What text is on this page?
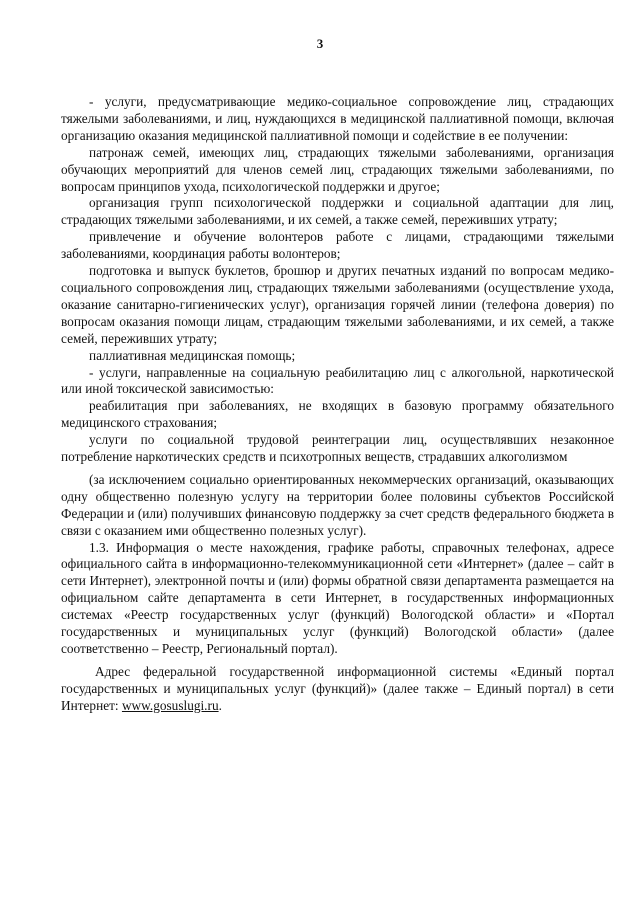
3

- услуги, предусматривающие медико-социальное сопровождение лиц, страдающих тяжелыми заболеваниями, и лиц, нуждающихся в медицинской паллиативной помощи, включая организацию оказания медицинской паллиативной помощи и содействие в ее получении:

патронаж семей, имеющих лиц, страдающих тяжелыми заболеваниями, организация обучающих мероприятий для членов семей лиц, страдающих тяжелыми заболеваниями, по вопросам принципов ухода, психологической поддержки и другое;

организация групп психологической поддержки и социальной адаптации для лиц, страдающих тяжелыми заболеваниями, и их семей, а также семей, переживших утрату;

привлечение и обучение волонтеров работе с лицами, страдающими тяжелыми заболеваниями, координация работы волонтеров;

подготовка и выпуск буклетов, брошюр и других печатных изданий по вопросам медико-социального сопровождения лиц, страдающих тяжелыми заболеваниями (осуществление ухода, оказание санитарно-гигиенических услуг), организация горячей линии (телефона доверия) по вопросам оказания помощи лицам, страдающим тяжелыми заболеваниями, и их семей, а также семей, переживших утрату;

паллиативная медицинская помощь;

- услуги, направленные на социальную реабилитацию лиц с алкогольной, наркотической или иной токсической зависимостью:

реабилитация при заболеваниях, не входящих в базовую программу обязательного медицинского страхования;

услуги по социальной трудовой реинтеграции лиц, осуществлявших незаконное потребление наркотических средств и психотропных веществ, страдавших алкоголизмом

(за исключением социально ориентированных некоммерческих организаций, оказывающих одну общественно полезную услугу на территории более половины субъектов Российской Федерации и (или) получивших финансовую поддержку за счет средств федерального бюджета в связи с оказанием ими общественно полезных услуг).

1.3. Информация о месте нахождения, графике работы, справочных телефонах, адресе официального сайта в информационно-телекоммуникационной сети «Интернет» (далее – сайт в сети Интернет), электронной почты и (или) формы обратной связи департамента размещается на официальном сайте департамента в сети Интернет, в государственных информационных системах «Реестр государственных услуг (функций) Вологодской области» и «Портал государственных и муниципальных услуг (функций) Вологодской области» (далее соответственно – Реестр, Региональный портал).

Адрес федеральной государственной информационной системы «Единый портал государственных и муниципальных услуг (функций)» (далее также – Единый портал) в сети Интернет: www.gosuslugi.ru.
